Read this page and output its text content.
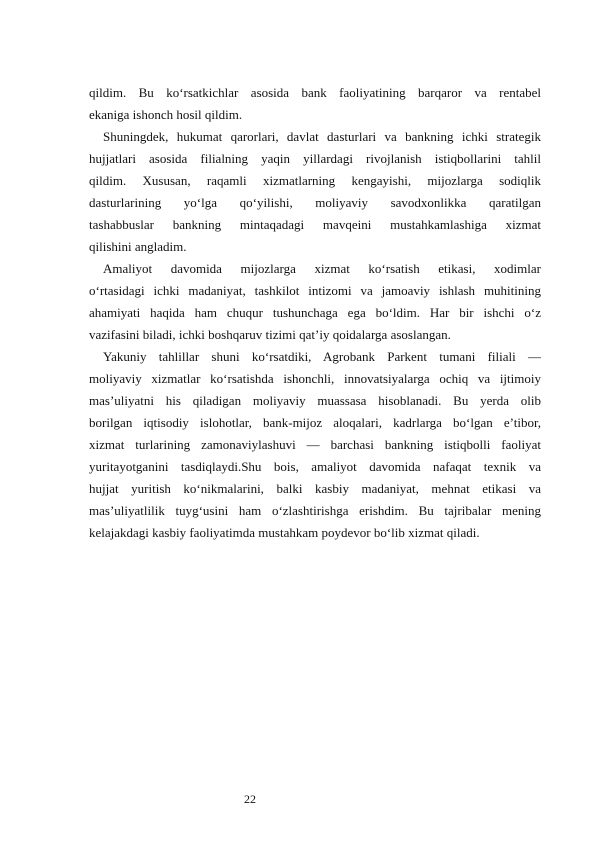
qildim. Bu ko‘rsatkichlar asosida bank faoliyatining barqaror va rentabel
ekaniga ishonch hosil qildim.
Shuningdek, hukumat qarorlari, davlat dasturlari va bankning ichki strategik
hujjatlari asosida filialning yaqin yillardagi rivojlanish istiqbollarini tahlil
qildim. Xususan, raqamli xizmatlarning kengayishi, mijozlarga sodiqlik
dasturlarining yo‘lga qo‘yilishi, moliyaviy savodxonlikka qaratilgan
tashabbuslar bankning mintaqadagi mavqeini mustahkamlashiga xizmat
qilishini angladim.
Amaliyot davomida mijozlarga xizmat ko‘rsatish etikasi, xodimlar
o‘rtasidagi ichki madaniyat, tashkilot intizomi va jamoaviy ishlash muhitining
ahamiyati haqida ham chuqur tushunchaga ega bo‘ldim. Har bir ishchi o‘z
vazifasini biladi, ichki boshqaruv tizimi qat’iy qoidalarga asoslangan.
Yakuniy tahlillar shuni ko‘rsatdiki, Agrobank Parkent tumani filiali —
moliyaviy xizmatlar ko‘rsatishda ishonchli, innovatsiyalarga ochiq va ijtimoiy
mas’uliyatni his qiladigan moliyaviy muassasa hisoblanadi. Bu yerda olib
borilgan iqtisodiy islohotlar, bank-mijoz aloqalari, kadrlarga bo‘lgan e’tibor,
xizmat turlarining zamonaviylashuvi — barchasi bankning istiqbolli faoliyat
yuritayotganini tasdiqlaydi.Shu bois, amaliyot davomida nafaqat texnik va
hujjat yuritish ko‘nikmalarini, balki kasbiy madaniyat, mehnat etikasi va
mas’uliyatlilik tuyg‘usini ham o‘zlashtirishga erishdim. Bu tajribalar mening
kelajakdagi kasbiy faoliyatimda mustahkam poydevor bo‘lib xizmat qiladi.
22
